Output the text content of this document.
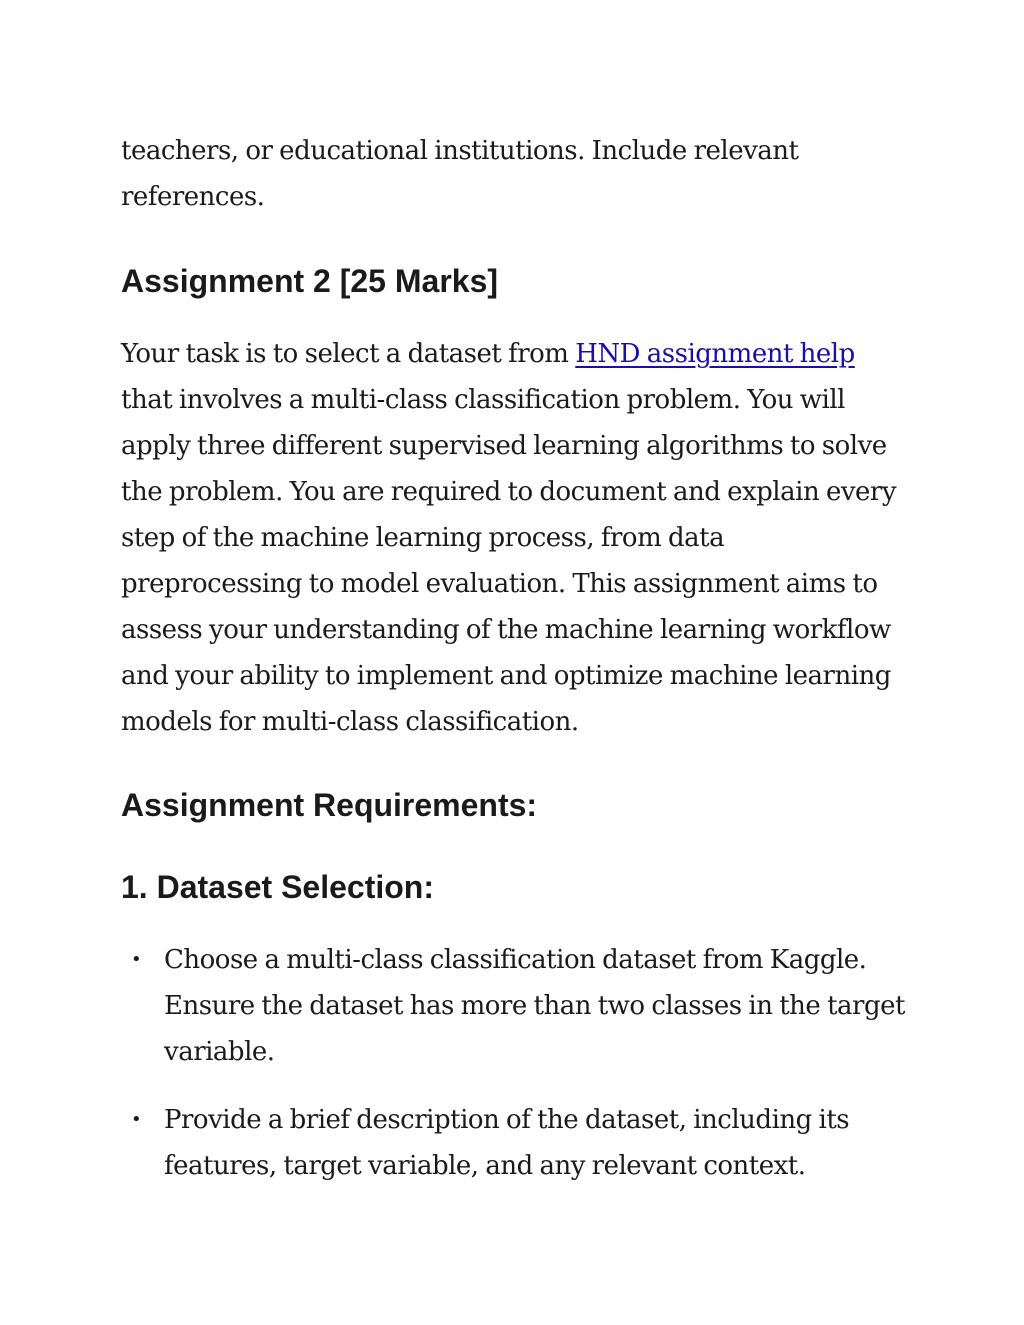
teachers, or educational institutions. Include relevant references.

Assignment 2 [25 Marks]

Your task is to select a dataset from HND assignment help that involves a multi-class classification problem. You will apply three different supervised learning algorithms to solve the problem. You are required to document and explain every step of the machine learning process, from data preprocessing to model evaluation. This assignment aims to assess your understanding of the machine learning workflow and your ability to implement and optimize machine learning models for multi-class classification.

Assignment Requirements:
1. Dataset Selection:
• Choose a multi-class classification dataset from Kaggle. Ensure the dataset has more than two classes in the target variable.

• Provide a brief description of the dataset, including its features, target variable, and any relevant context.
